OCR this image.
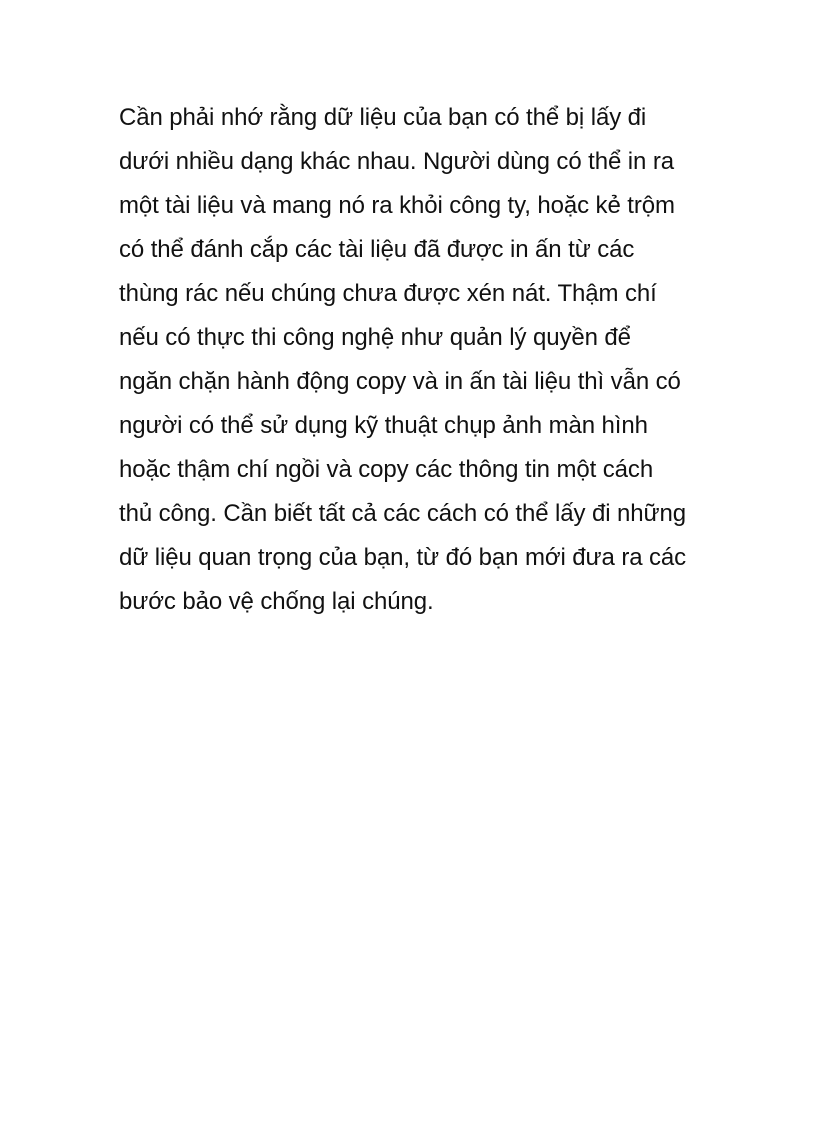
Cần phải nhớ rằng dữ liệu của bạn có thể bị lấy đi
dưới nhiều dạng khác nhau. Người dùng có thể in ra
một tài liệu và mang nó ra khỏi công ty, hoặc kẻ trộm
có thể đánh cắp các tài liệu đã được in ấn từ các
thùng rác nếu chúng chưa được xén nát. Thậm chí
nếu có thực thi công nghệ như quản lý quyền để
ngăn chặn hành động copy và in ấn tài liệu thì vẫn có
người có thể sử dụng kỹ thuật chụp ảnh màn hình
hoặc thậm chí ngồi và copy các thông tin một cách
thủ công. Cần biết tất cả các cách có thể lấy đi những
dữ liệu quan trọng của bạn, từ đó bạn mới đưa ra các
bước bảo vệ chống lại chúng.
